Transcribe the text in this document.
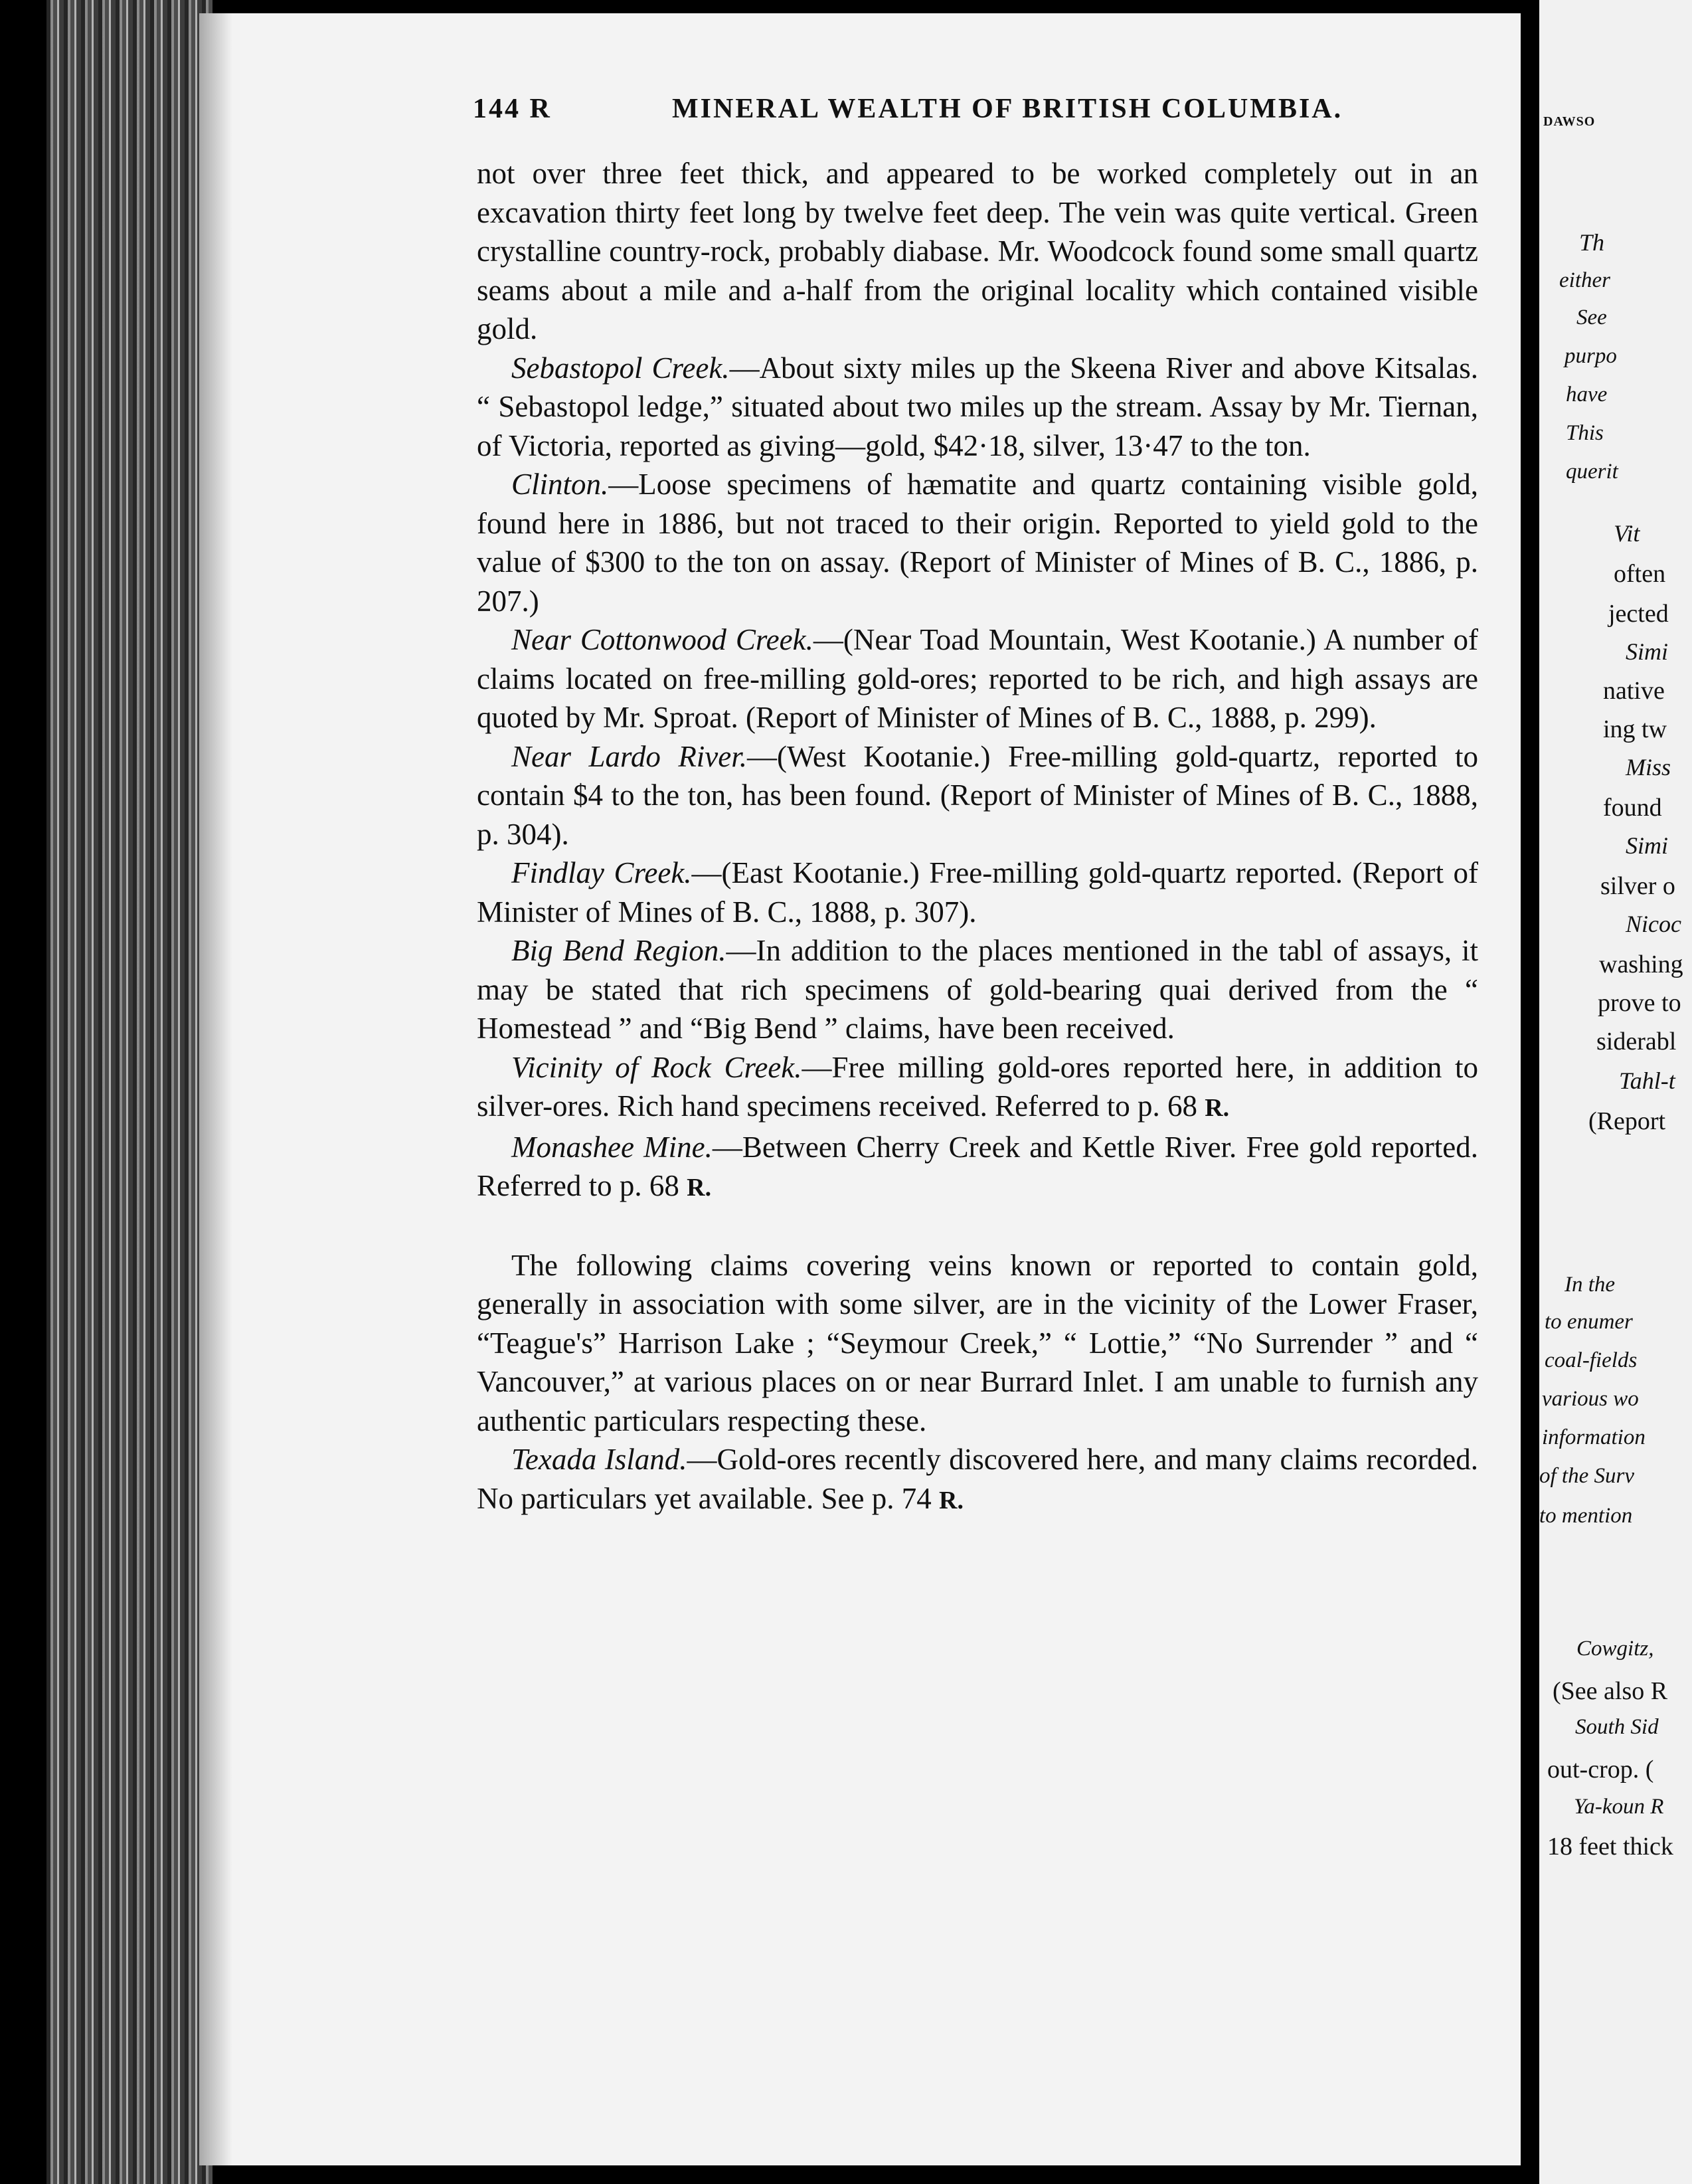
144 R	MINERAL WEALTH OF BRITISH COLUMBIA.

not over three feet thick, and appeared to be worked completely out in an excavation thirty feet long by twelve feet deep. The vein was quite vertical. Green crystalline country-rock, probably diabase. Mr. Woodcock found some small quartz seams about a mile and a-half from the original locality which contained visible gold.

Sebastopol Creek.—About sixty miles up the Skeena River and above Kitsalas. “ Sebastopol ledge,” situated about two miles up the stream. Assay by Mr. Tiernan, of Victoria, reported as giving—gold, $42·18, silver, 13·47 to the ton.

Clinton.—Loose specimens of hæmatite and quartz containing visible gold, found here in 1886, but not traced to their origin. Reported to yield gold to the value of $300 to the ton on assay. (Report of Minister of Mines of B. C., 1886, p. 207.)

Near Cottonwood Creek.—(Near Toad Mountain, West Kootanie.) A number of claims located on free-milling gold-ores; reported to be rich, and high assays are quoted by Mr. Sproat. (Report of Minister of Mines of B. C., 1888, p. 299).

Near Lardo River.—(West Kootanie.) Free-milling gold-quartz, reported to contain $4 to the ton, has been found. (Report of Minister of Mines of B. C., 1888, p. 304).

Findlay Creek.—(East Kootanie.) Free-milling gold-quartz reported. (Report of Minister of Mines of B. C., 1888, p. 307).

Big Bend Region.—In addition to the places mentioned in the tabl of assays, it may be stated that rich specimens of gold-bearing quai derived from the “ Homestead ” and “Big Bend ” claims, have been received.

Vicinity of Rock Creek.—Free milling gold-ores reported here, in addition to silver-ores. Rich hand specimens received. Referred to p. 68 R.

Monashee Mine.—Between Cherry Creek and Kettle River. Free gold reported. Referred to p. 68 R.

The following claims covering veins known or reported to contain gold, generally in association with some silver, are in the vicinity of the Lower Fraser, “Teague's” Harrison Lake ; “Seymour Creek,” “ Lottie,” “No Surrender ” and “ Vancouver,” at various places on or near Burrard Inlet. I am unable to furnish any authentic particulars respecting these.

Texada Island.—Gold-ores recently discovered here, and many claims recorded. No particulars yet available. See p. 74 R.

DAWSO
Th
either
See
purpo
have
This
querit
Vit
often
jected
Simi
native
ing tw
Miss
found
Simi
silver o
Nicoc
washing
prove to
siderabl
Tahl-t
(Report
In the
to enumer
coal-fields
various wo
information
of the Surv
to mention
Cowgitz,
(See also R
South Sid
out-crop. (
Ya-koun R
18 feet thick
